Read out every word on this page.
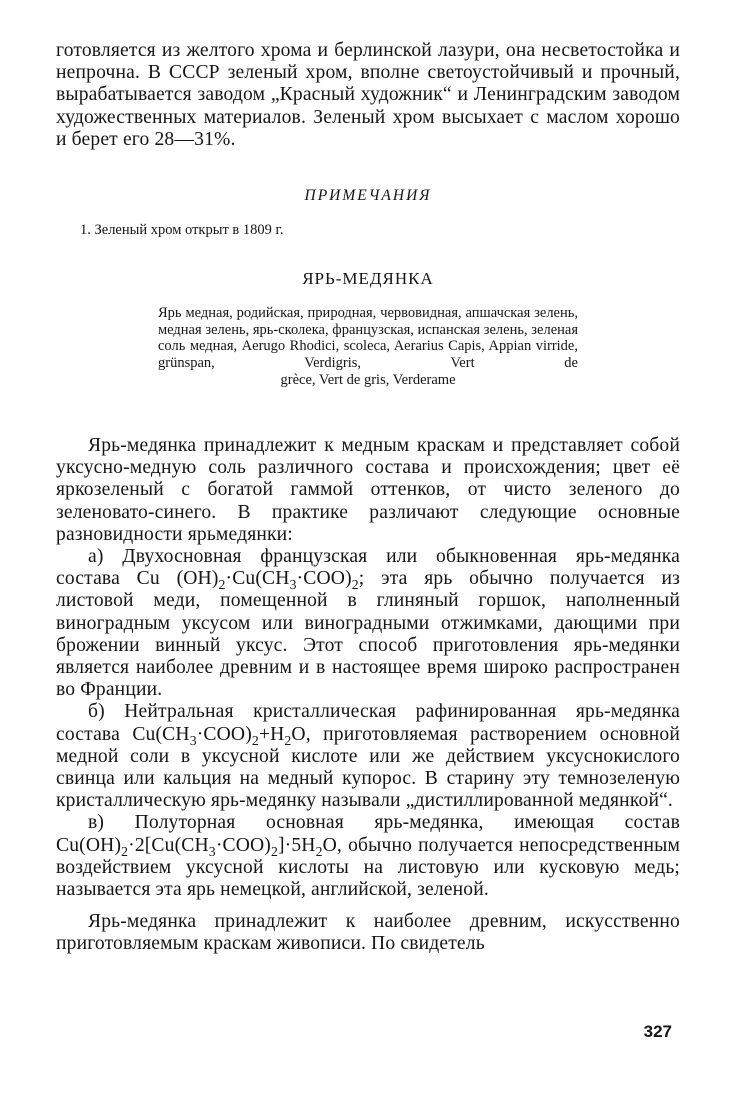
готовляется из желтого хрома и берлинской лазури, она несветостойка и непрочна. В СССР зеленый хром, вполне светоустойчивый и прочный, вырабатывается заводом „Красный художник“ и Ленинградским заводом художественных материалов. Зеленый хром высыхает с маслом хорошо и берет его 28—31%.

ПРИМЕЧАНИЯ

1. Зеленый хром открыт в 1809 г.

ЯРЬ-МЕДЯНКА

Ярь медная, родийская, природная, червовидная, апшачская зелень, медная зелень, ярь-сколека, французская, испанская зелень, зеленая соль медная, Aerugo Rhodici, scoleca, Aerarius Capis, Appian virride, grünspan, Verdigris, Vert de

grèce, Vert de gris, Verderame

Ярь-медянка принадлежит к медным краскам и представляет собой уксусно-медную соль различного состава и происхождения; цвет её яркозеленый с богатой гаммой оттенков, от чисто зеленого до зеленовато-синего. В практике различают следующие основные разновидности ярьмедянки:

а) Двухосновная французская или обыкновенная ярь-медянка состава Cu $(OH)_2\cdot Cu(CH_3\cdot COO)_2$; эта ярь обычно получается из листовой меди, помещенной в глиняный горшок, наполненный виноградным уксусом или виноградными отжимками, дающими при брожении винный уксус. Этот способ приготовления ярь-медянки является наиболее древним и в настоящее время широко распространен во Франции.

б) Нейтральная кристаллическая рафинированная ярь-медянка состава $Cu(CH_3\cdot COO)_2+H_2O$, приготовляемая растворением основной медной соли в уксусной кислоте или же действием уксуснокислого свинца или кальция на медный купорос. В старину эту темнозеленую кристаллическую ярь-медянку называли „дистиллированной медянкой“.

в) Полуторная основная ярь-медянка, имеющая состав $Cu(OH)_2\cdot 2[Cu(CH_3\cdot COO)_2]\cdot 5H_2O$, обычно получается непосредственным воздействием уксусной кислоты на листовую или кусковую медь; называется эта ярь немецкой, английской, зеленой.

Ярь-медянка принадлежит к наиболее древним, искусственно приготовляемым краскам живописи. По свидетель

327
